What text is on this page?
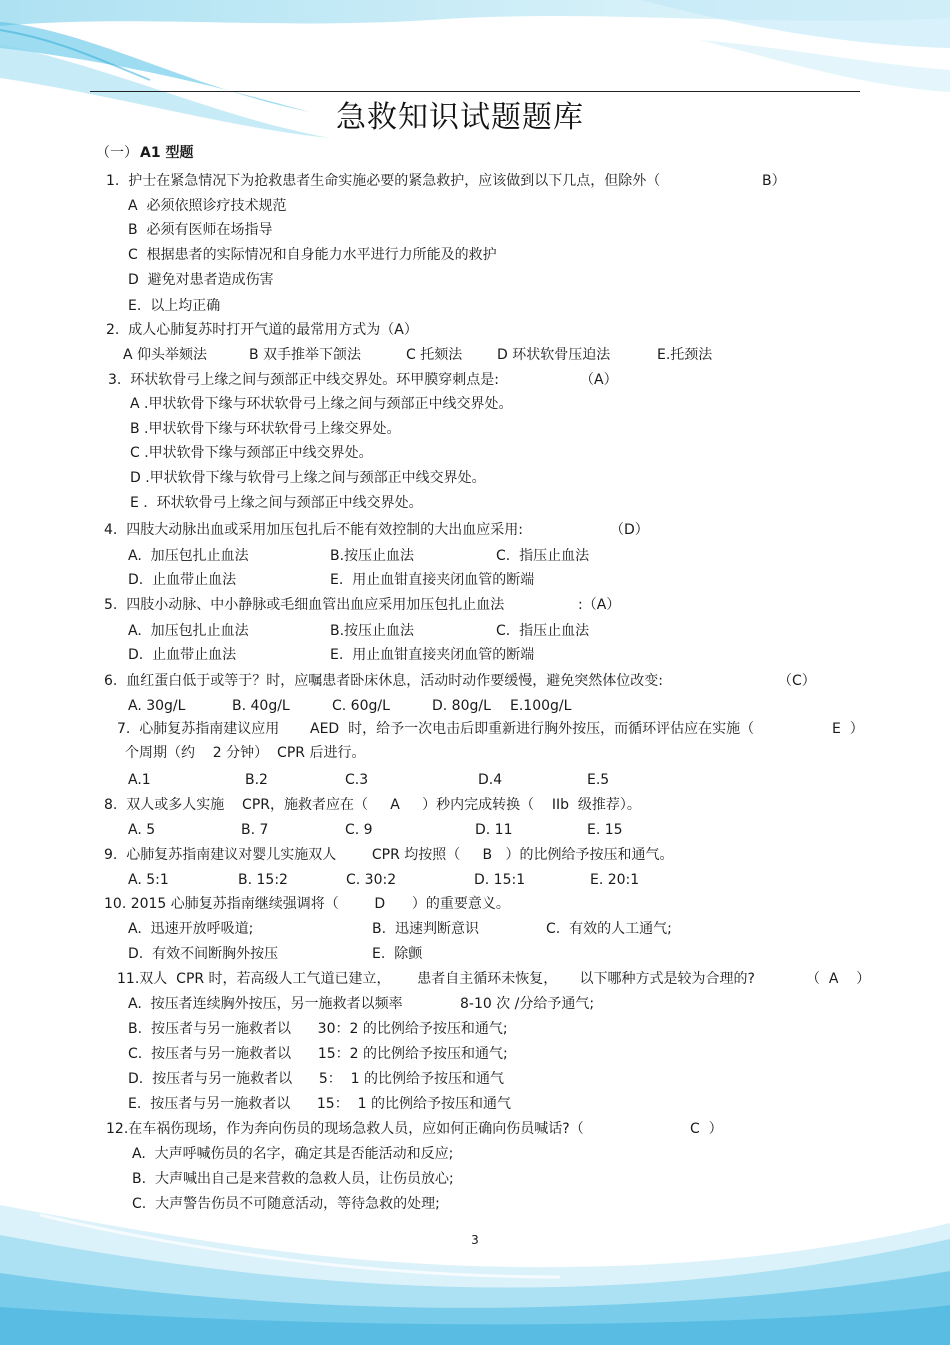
急救知识试题题库
（一） A1 型题
1.  护士在紧急情况下为抢救患者生命实施必要的紧急救护，应该做到以下几点，但除外（	B）
A  必须依照诊疗技术规范
B  必须有医师在场指导
C  根据患者的实际情况和自身能力水平进行力所能及的救护
D  避免对患者造成伤害
E.  以上均正确
2.  成人心肺复苏时打开气道的最常用方式为（A）
A 仰头举颏法	B 双手推举下颌法	C 托颏法 D 环状软骨压迫法	E.托颈法
3.  环状软骨弓上缘之间与颈部正中线交界处。环甲膜穿刺点是:	（A）
A .甲状软骨下缘与环状软骨弓上缘之间与颈部正中线交界处。
B .甲状软骨下缘与环状软骨弓上缘交界处。
C .甲状软骨下缘与颈部正中线交界处。
D .甲状软骨下缘与软骨弓上缘之间与颈部正中线交界处。
E .  环状软骨弓上缘之间与颈部正中线交界处。
4.  四肢大动脉出血或采用加压包扎后不能有效控制的大出血应采用:	（D）
A.  加压包扎止血法	B.按压止血法	C.  指压止血法
D.  止血带止血法	E.  用止血钳直接夹闭血管的断端
5.  四肢小动脉、中小静脉或毛细血管出血应采用加压包扎止血法	:（A）
A.  加压包扎止血法	B.按压止血法	C.  指压止血法
D.  止血带止血法	E.  用止血钳直接夹闭血管的断端
6.  血红蛋白低于或等于？时，应嘱患者卧床休息，活动时动作要缓慢，避免突然体位改变:	（C）
A. 30g/L	B. 40g/L	C. 60g/L	D. 80g/L E.100g/L
7.  心肺复苏指南建议应用 AED  时，给予一次电击后即重新进行胸外按压，而循环评估应在实施（	E  ）
个周期（约    2 分钟）  CPR 后进行。
A.1	B.2	C.3	D.4	E.5
8.  双人或多人实施    CPR，施救者应在（     A     ）秒内完成转换（    IIb  级推荐）。
A. 5	B. 7	C. 9	D. 11	E. 15
9.  心肺复苏指南建议对婴儿实施双人        CPR 均按照（     B   ）的比例给予按压和通气。
A. 5:1	B. 15:2	C. 30:2	D. 15:1	E. 20:1
10. 2015 心肺复苏指南继续强调将（        D      ）的重要意义。
A.  迅速开放呼吸道;	B.  迅速判断意识	C.  有效的人工通气;
D.  有效不间断胸外按压	E.  除颤
11.双人  CPR 时，若高级人工气道已建立，      患者自主循环未恢复，     以下哪种方式是较为合理的?	（  A    ）
A.  按压者连续胸外按压，另一施救者以频率	8-10 次 /分给予通气;
B.  按压者与另一施救者以      30：2 的比例给予按压和通气;
C.  按压者与另一施救者以      15：2 的比例给予按压和通气;
D.  按压者与另一施救者以      5：  1 的比例给予按压和通气
E.  按压者与另一施救者以      15：  1 的比例给予按压和通气
12.在车祸伤现场，作为奔向伤员的现场急救人员，应如何正确向伤员喊话?（	C  ）
A.  大声呼喊伤员的名字，确定其是否能活动和反应;
B.  大声喊出自己是来营救的急救人员，让伤员放心;
C.  大声警告伤员不可随意活动，等待急救的处理;
3
